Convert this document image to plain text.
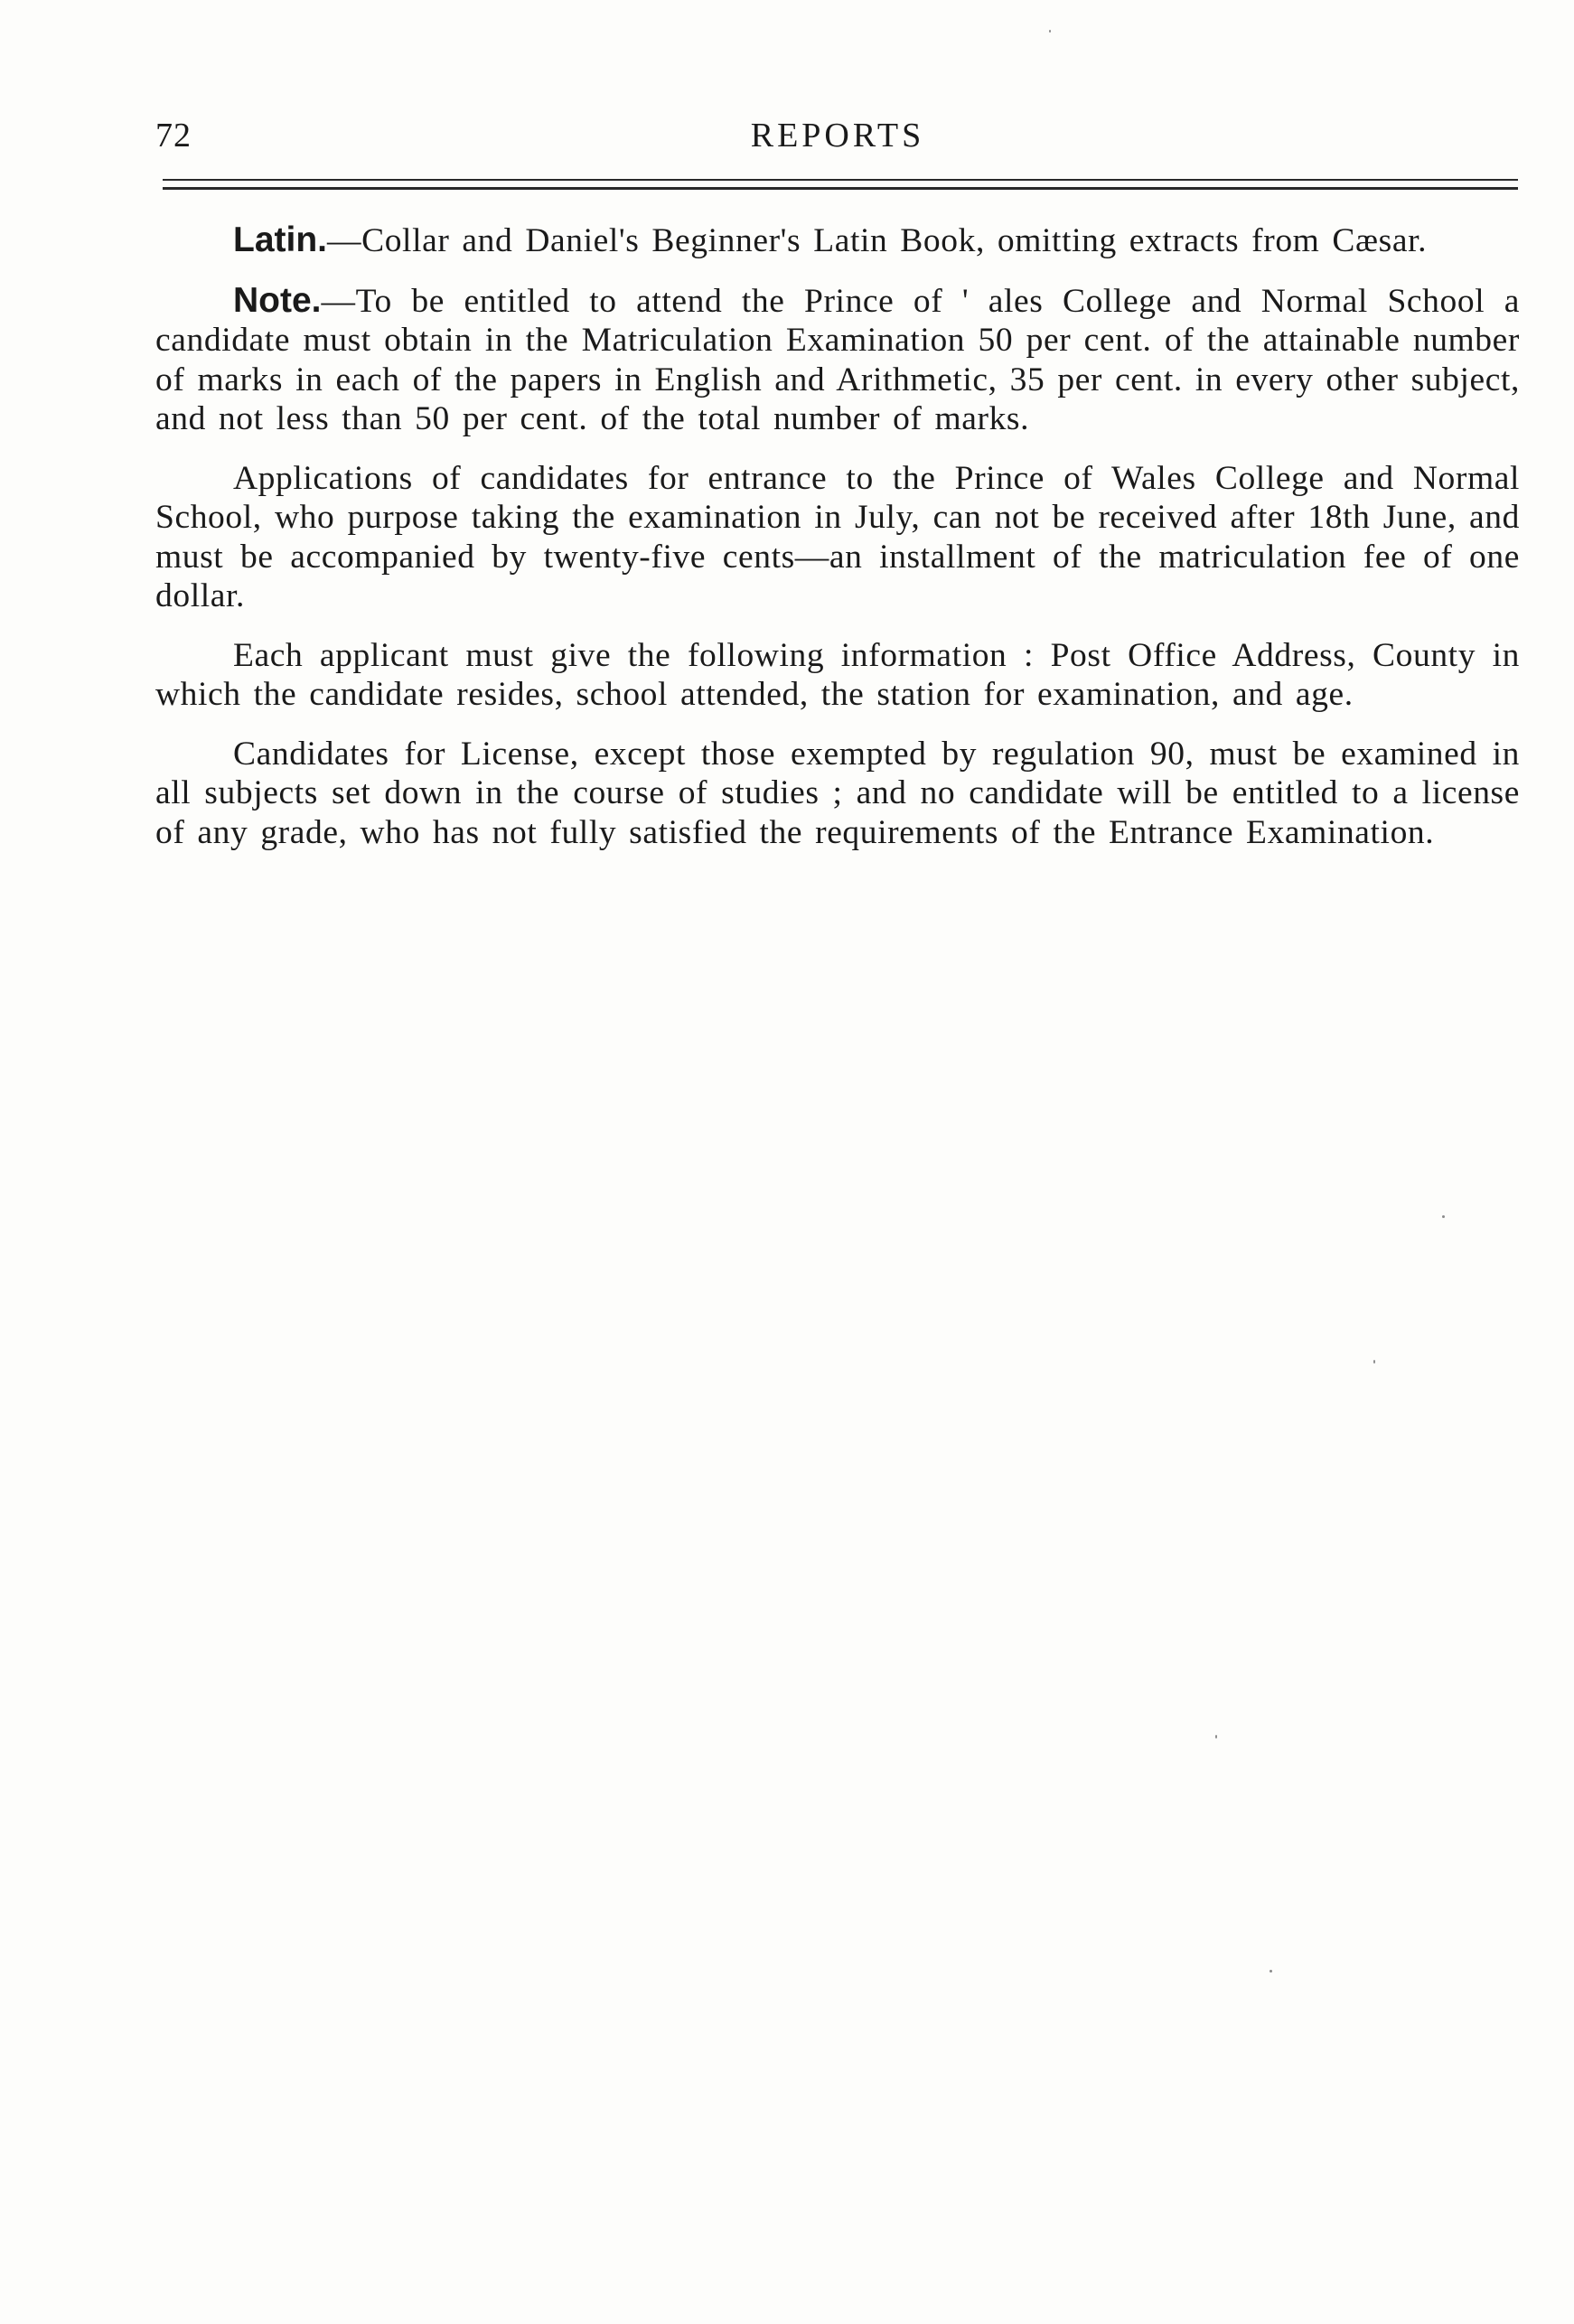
72	REPORTS

Latin.—Collar and Daniel's Beginner's Latin Book, omitting extracts from Cæsar.

Note.—To be entitled to attend the Prince of ' ales College and Normal School a candidate must obtain in the Matriculation Examination 50 per cent. of the attainable number of marks in each of the papers in English and Arithmetic, 35 per cent. in every other subject, and not less than 50 per cent. of the total number of marks.

Applications of candidates for entrance to the Prince of Wales College and Normal School, who purpose taking the examination in July, can not be received after 18th June, and must be accompanied by twenty-five cents—an installment of the matriculation fee of one dollar.

Each applicant must give the following information : Post Office Address, County in which the candidate resides, school attended, the station for examination, and age.

Candidates for License, except those exempted by regulation 90, must be examined in all subjects set down in the course of studies ; and no candidate will be entitled to a license of any grade, who has not fully satisfied the requirements of the Entrance Examination.
